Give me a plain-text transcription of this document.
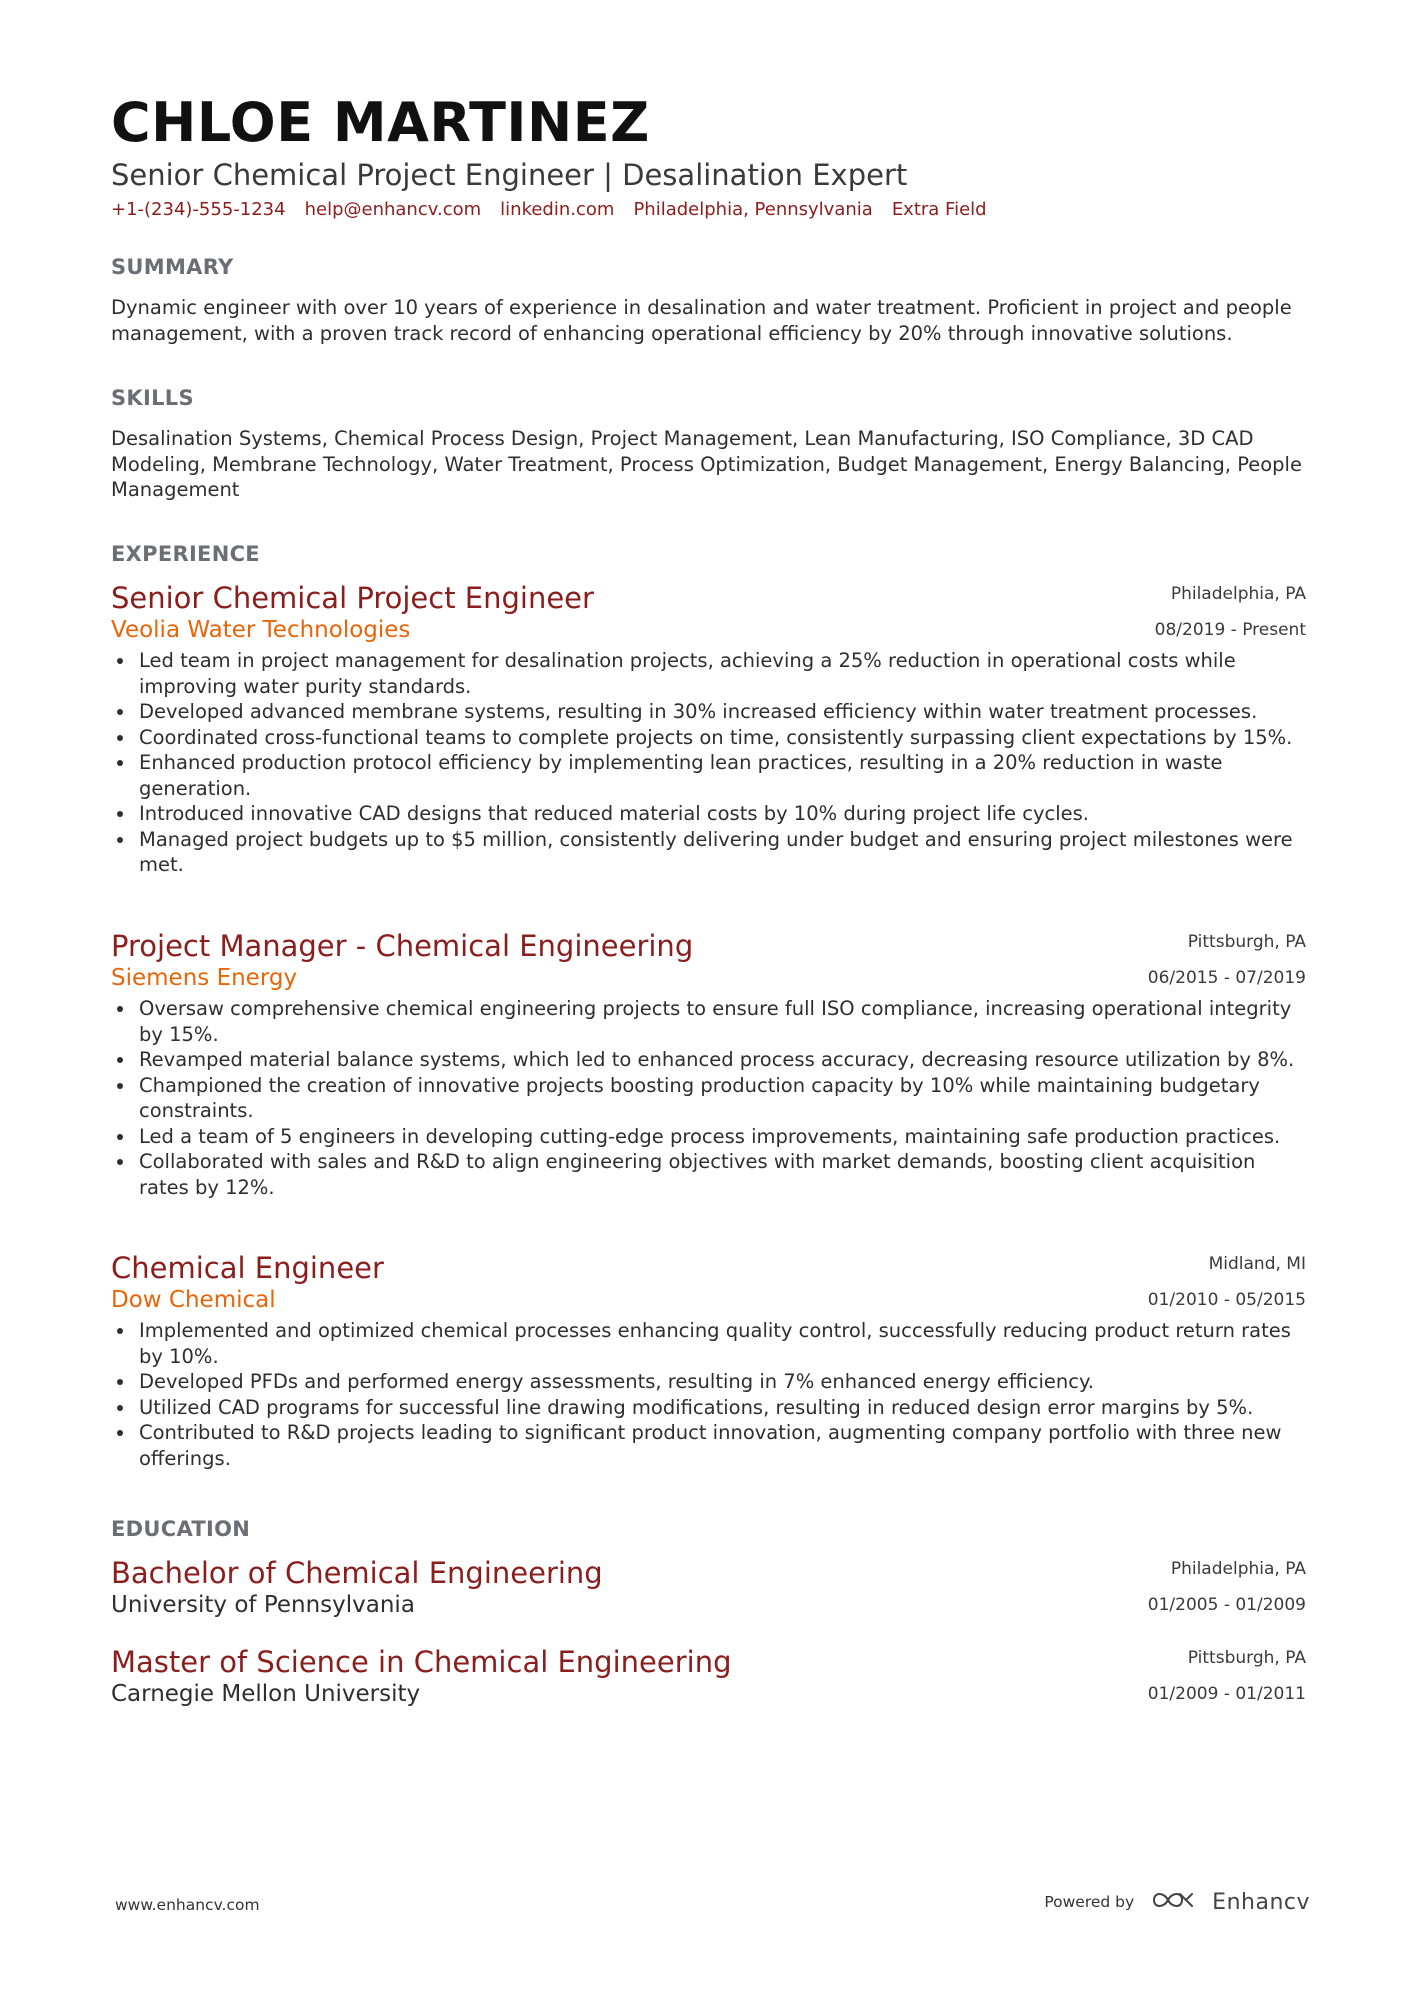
CHLOE MARTINEZ
Senior Chemical Project Engineer | Desalination Expert
+1-(234)-555-1234 help@enhancv.com linkedin.com Philadelphia, Pennsylvania Extra Field
SUMMARY
Dynamic engineer with over 10 years of experience in desalination and water treatment. Proficient in project and people management, with a proven track record of enhancing operational efficiency by 20% through innovative solutions.
SKILLS
Desalination Systems, Chemical Process Design, Project Management, Lean Manufacturing, ISO Compliance, 3D CAD Modeling, Membrane Technology, Water Treatment, Process Optimization, Budget Management, Energy Balancing, People Management
EXPERIENCE
Senior Chemical Project Engineer
Veolia Water Technologies
Philadelphia, PA
08/2019 - Present
Led team in project management for desalination projects, achieving a 25% reduction in operational costs while improving water purity standards.
Developed advanced membrane systems, resulting in 30% increased efficiency within water treatment processes.
Coordinated cross-functional teams to complete projects on time, consistently surpassing client expectations by 15%.
Enhanced production protocol efficiency by implementing lean practices, resulting in a 20% reduction in waste generation.
Introduced innovative CAD designs that reduced material costs by 10% during project life cycles.
Managed project budgets up to $5 million, consistently delivering under budget and ensuring project milestones were met.
Project Manager - Chemical Engineering
Siemens Energy
Pittsburgh, PA
06/2015 - 07/2019
Oversaw comprehensive chemical engineering projects to ensure full ISO compliance, increasing operational integrity by 15%.
Revamped material balance systems, which led to enhanced process accuracy, decreasing resource utilization by 8%.
Championed the creation of innovative projects boosting production capacity by 10% while maintaining budgetary constraints.
Led a team of 5 engineers in developing cutting-edge process improvements, maintaining safe production practices.
Collaborated with sales and R&D to align engineering objectives with market demands, boosting client acquisition rates by 12%.
Chemical Engineer
Dow Chemical
Midland, MI
01/2010 - 05/2015
Implemented and optimized chemical processes enhancing quality control, successfully reducing product return rates by 10%.
Developed PFDs and performed energy assessments, resulting in 7% enhanced energy efficiency.
Utilized CAD programs for successful line drawing modifications, resulting in reduced design error margins by 5%.
Contributed to R&D projects leading to significant product innovation, augmenting company portfolio with three new offerings.
EDUCATION
Bachelor of Chemical Engineering
University of Pennsylvania
Philadelphia, PA
01/2005 - 01/2009
Master of Science in Chemical Engineering
Carnegie Mellon University
Pittsburgh, PA
01/2009 - 01/2011
www.enhancv.com	Powered by	Enhancv
